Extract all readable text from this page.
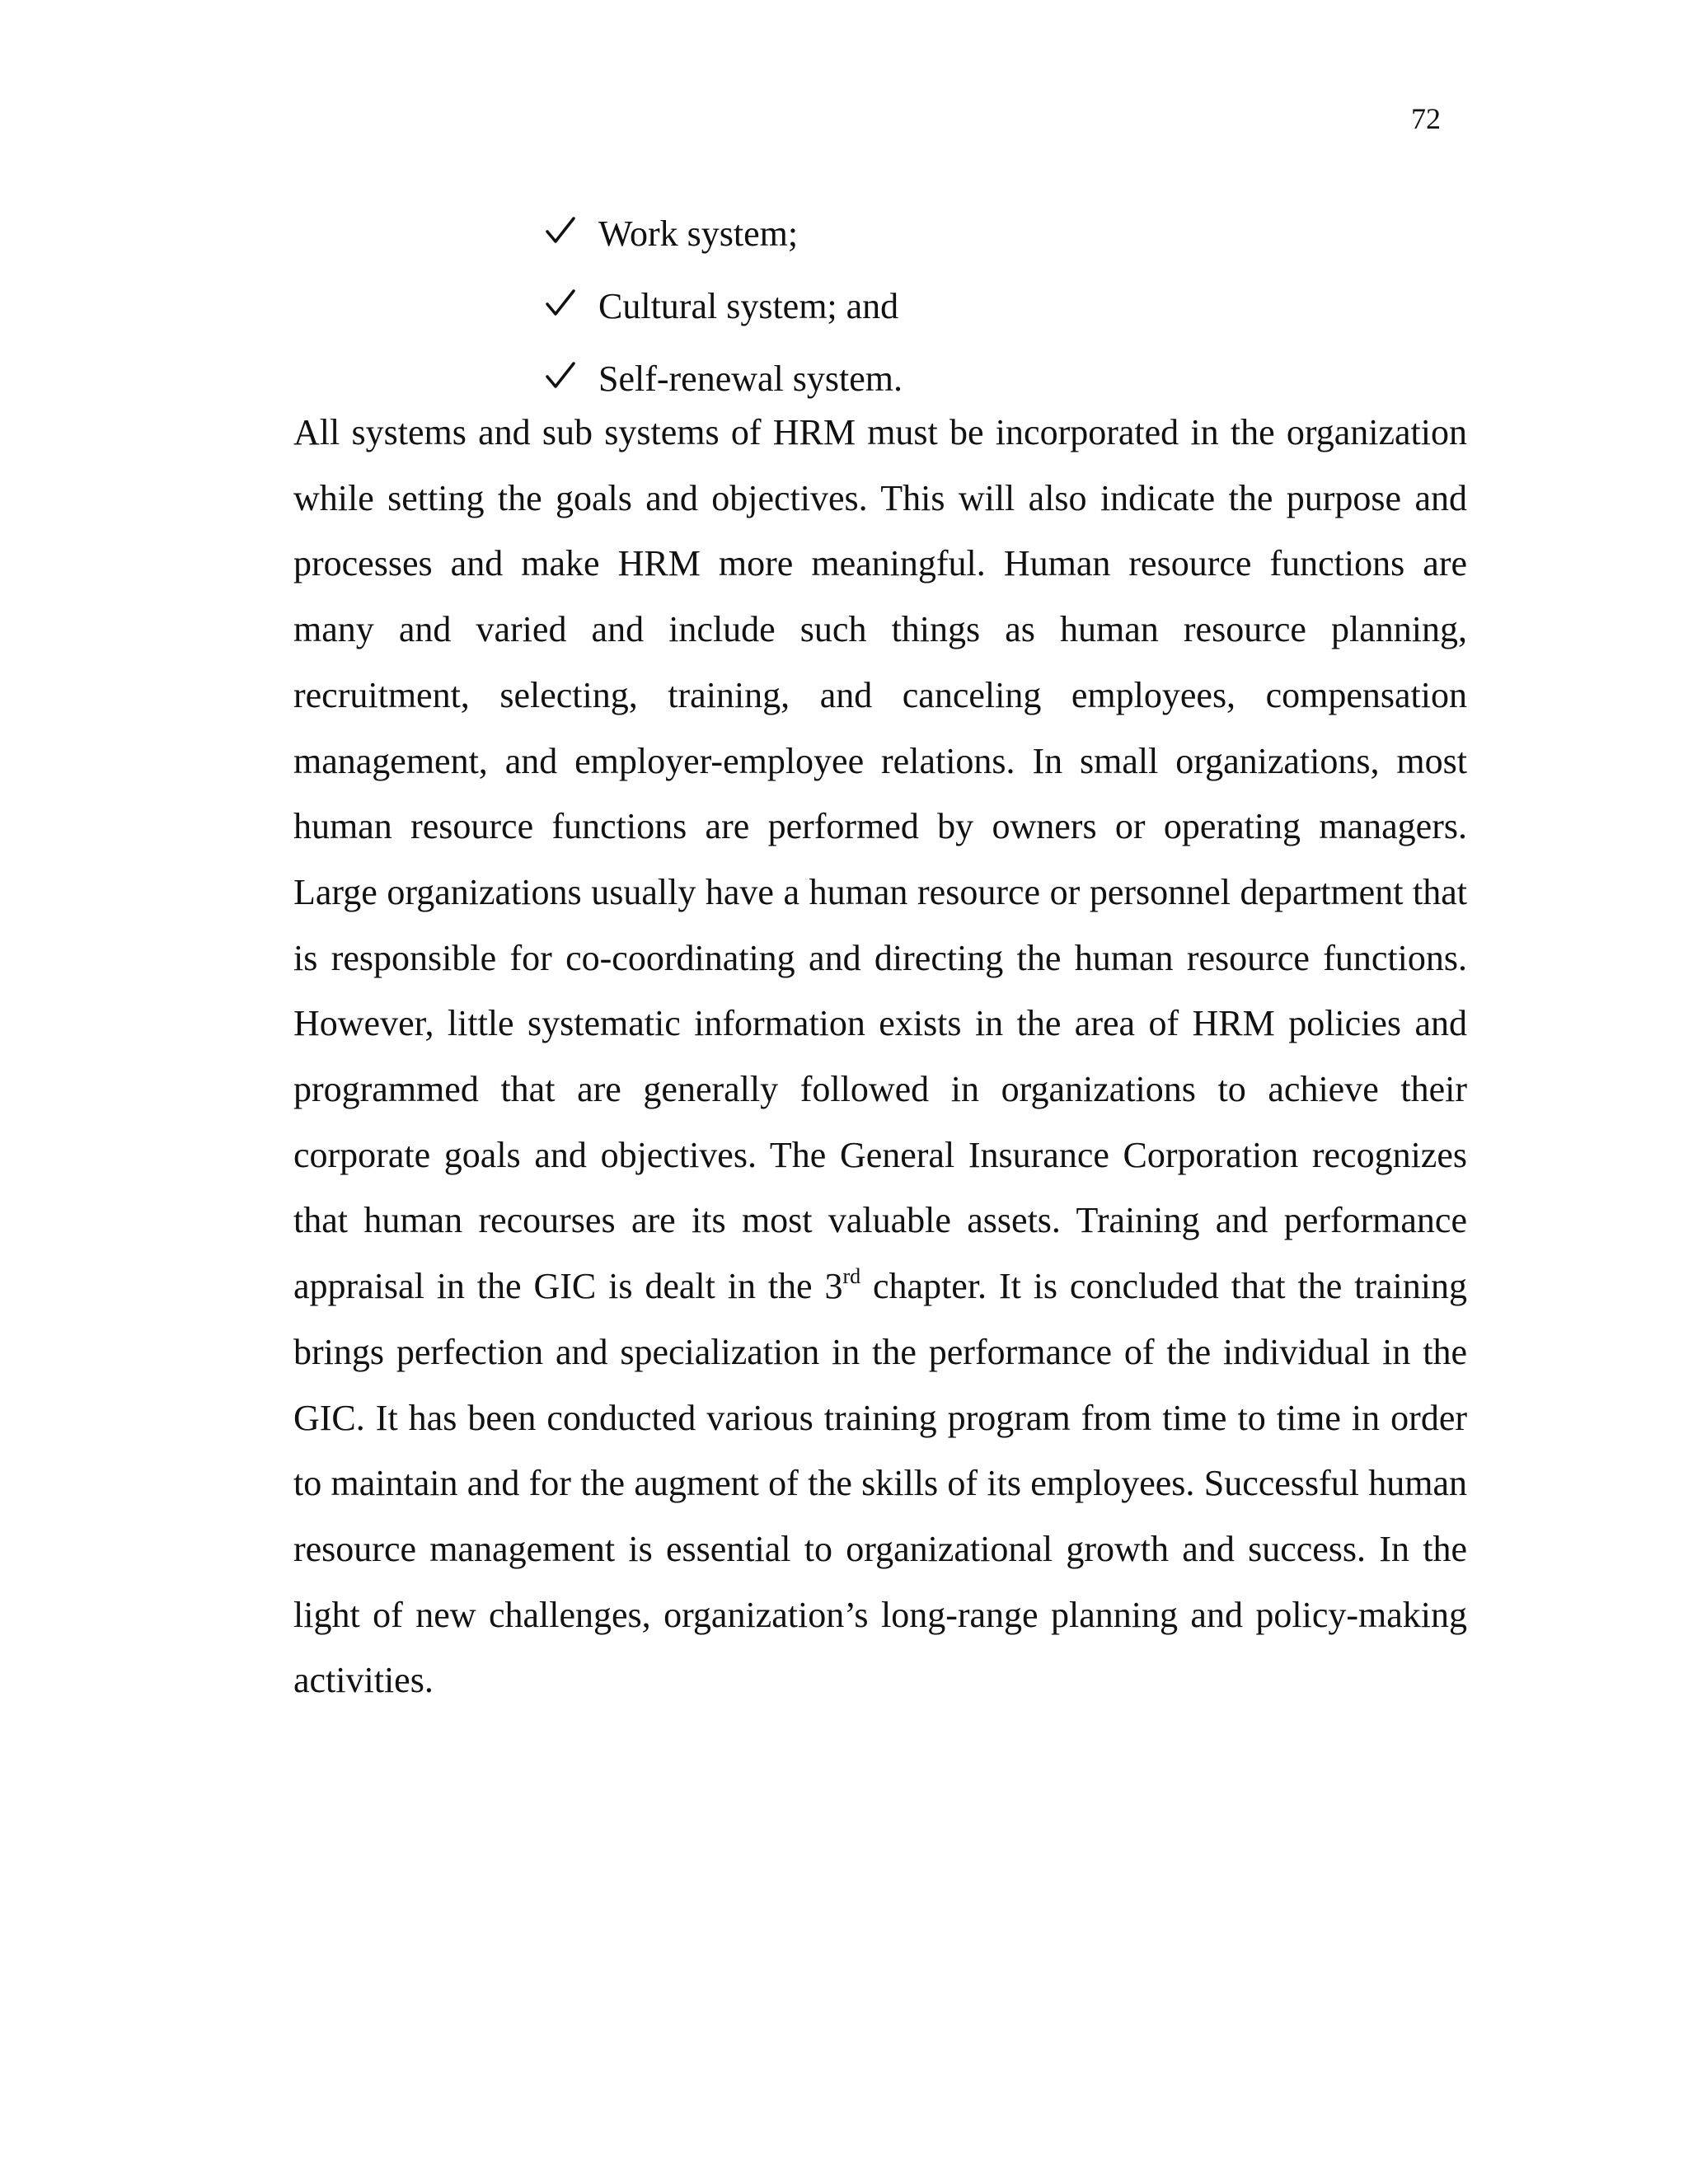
72
Work system;
Cultural system; and
Self-renewal system.

All systems and sub systems of HRM must be incorporated in the organization while setting the goals and objectives. This will also indicate the purpose and processes and make HRM more meaningful. Human resource functions are many and varied and include such things as human resource planning, recruitment, selecting, training, and canceling employees, compensation management, and employer-employee relations. In small organizations, most human resource functions are performed by owners or operating managers. Large organizations usually have a human resource or personnel department that is responsible for co-coordinating and directing the human resource functions. However, little systematic information exists in the area of HRM policies and programmed that are generally followed in organizations to achieve their corporate goals and objectives. The General Insurance Corporation recognizes that human recourses are its most valuable assets. Training and performance appraisal in the GIC is dealt in the 3rd chapter. It is concluded that the training brings perfection and specialization in the performance of the individual in the GIC. It has been conducted various training program from time to time in order to maintain and for the augment of the skills of its employees. Successful human resource management is essential to organizational growth and success. In the light of new challenges, organization’s long-range planning and policy-making activities.
